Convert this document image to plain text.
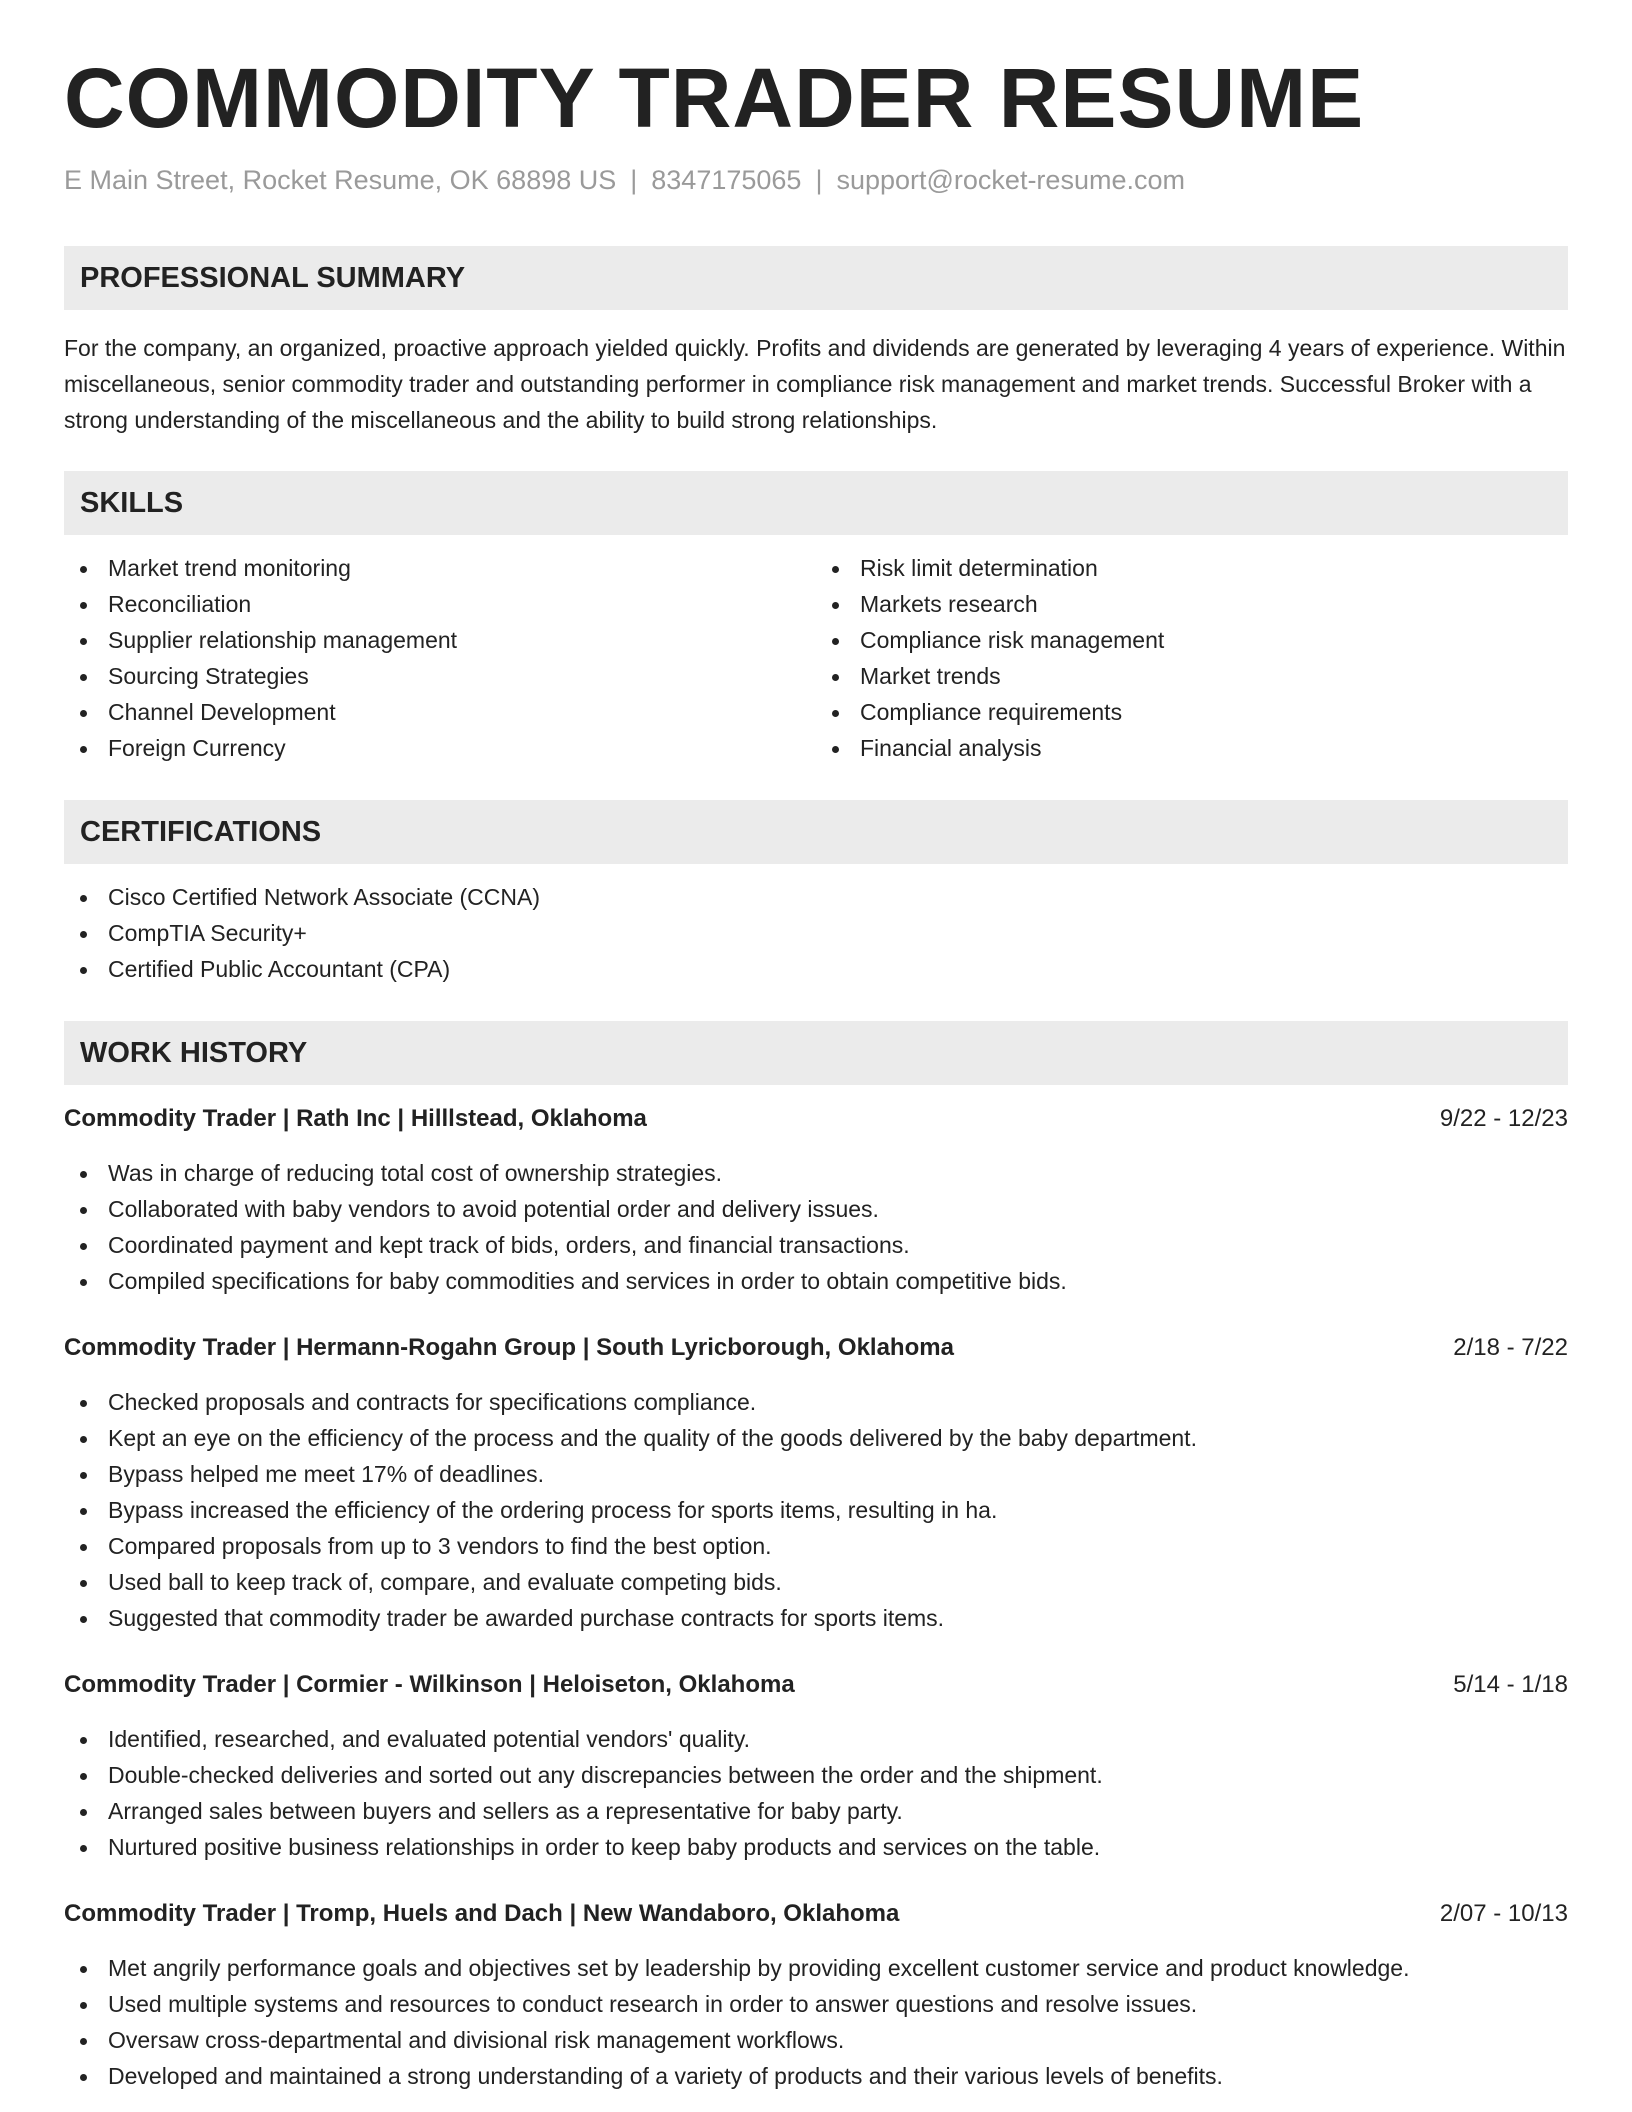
COMMODITY TRADER RESUME
E Main Street, Rocket Resume, OK 68898 US | 8347175065 | support@rocket-resume.com
PROFESSIONAL SUMMARY

For the company, an organized, proactive approach yielded quickly. Profits and dividends are generated by leveraging 4 years of experience. Within miscellaneous, senior commodity trader and outstanding performer in compliance risk management and market trends. Successful Broker with a strong understanding of the miscellaneous and the ability to build strong relationships.

SKILLS
Market trend monitoring
Reconciliation
Supplier relationship management
Sourcing Strategies
Channel Development
Foreign Currency
Risk limit determination
Markets research
Compliance risk management
Market trends
Compliance requirements
Financial analysis
CERTIFICATIONS
Cisco Certified Network Associate (CCNA)
CompTIA Security+
Certified Public Accountant (CPA)
WORK HISTORY
Commodity Trader | Rath Inc | Hilllstead, Oklahoma	9/22 - 12/23
Was in charge of reducing total cost of ownership strategies.
Collaborated with baby vendors to avoid potential order and delivery issues.
Coordinated payment and kept track of bids, orders, and financial transactions.
Compiled specifications for baby commodities and services in order to obtain competitive bids.
Commodity Trader | Hermann-Rogahn Group | South Lyricborough, Oklahoma	2/18 - 7/22
Checked proposals and contracts for specifications compliance.
Kept an eye on the efficiency of the process and the quality of the goods delivered by the baby department.
Bypass helped me meet 17% of deadlines.
Bypass increased the efficiency of the ordering process for sports items, resulting in ha.
Compared proposals from up to 3 vendors to find the best option.
Used ball to keep track of, compare, and evaluate competing bids.
Suggested that commodity trader be awarded purchase contracts for sports items.
Commodity Trader | Cormier - Wilkinson | Heloiseton, Oklahoma	5/14 - 1/18
Identified, researched, and evaluated potential vendors' quality.
Double-checked deliveries and sorted out any discrepancies between the order and the shipment.
Arranged sales between buyers and sellers as a representative for baby party.
Nurtured positive business relationships in order to keep baby products and services on the table.
Commodity Trader | Tromp, Huels and Dach | New Wandaboro, Oklahoma	2/07 - 10/13
Met angrily performance goals and objectives set by leadership by providing excellent customer service and product knowledge.
Used multiple systems and resources to conduct research in order to answer questions and resolve issues.
Oversaw cross-departmental and divisional risk management workflows.
Developed and maintained a strong understanding of a variety of products and their various levels of benefits.
